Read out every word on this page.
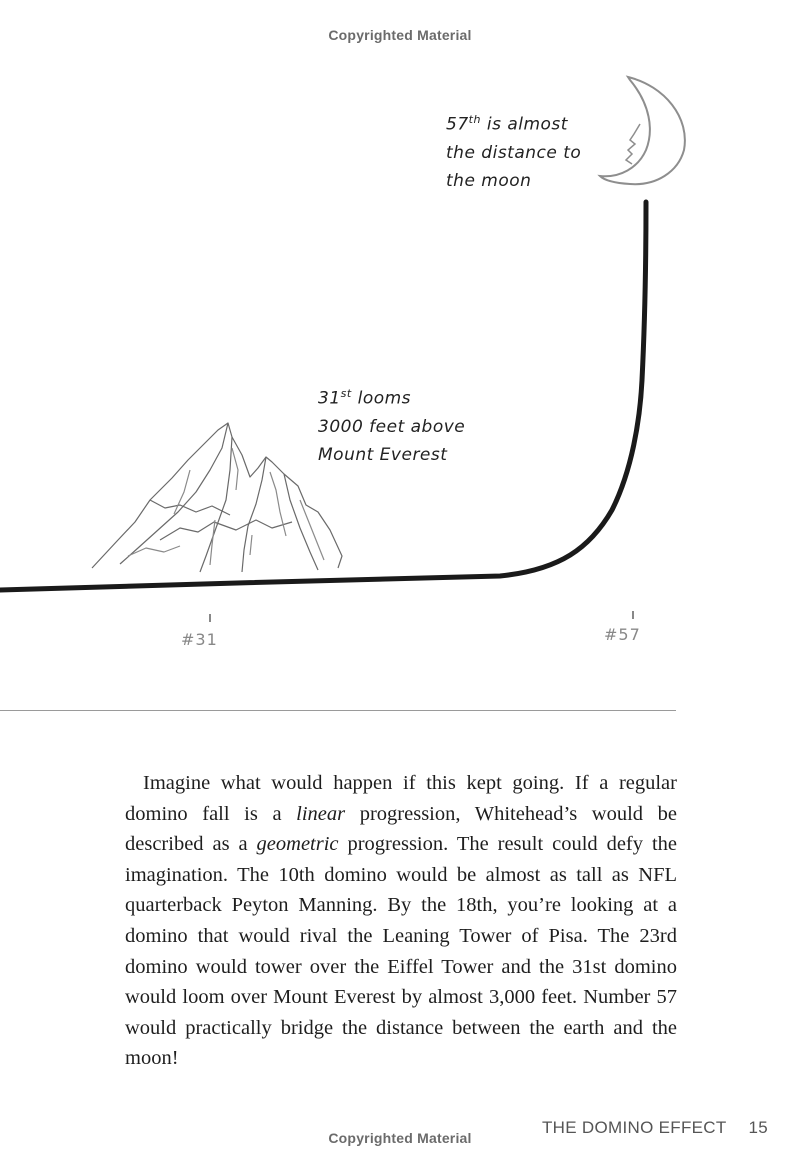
Copyrighted Material
57th is almost
the distance to
the moon
31st looms
3000 feet above
Mount Everest
#31	#57

Imagine what would happen if this kept going. If a regular domino fall is a linear progression, Whitehead’s would be described as a geometric progression. The result could defy the imagination. The 10th domino would be almost as tall as NFL quarterback Peyton Manning. By the 18th, you’re looking at a domino that would rival the Leaning Tower of Pisa. The 23rd domino would tower over the Eiffel Tower and the 31st domino would loom over Mount Everest by almost 3,000 feet. Number 57 would practically bridge the distance between the earth and the moon!

THE DOMINO EFFECT 15
Copyrighted Material
